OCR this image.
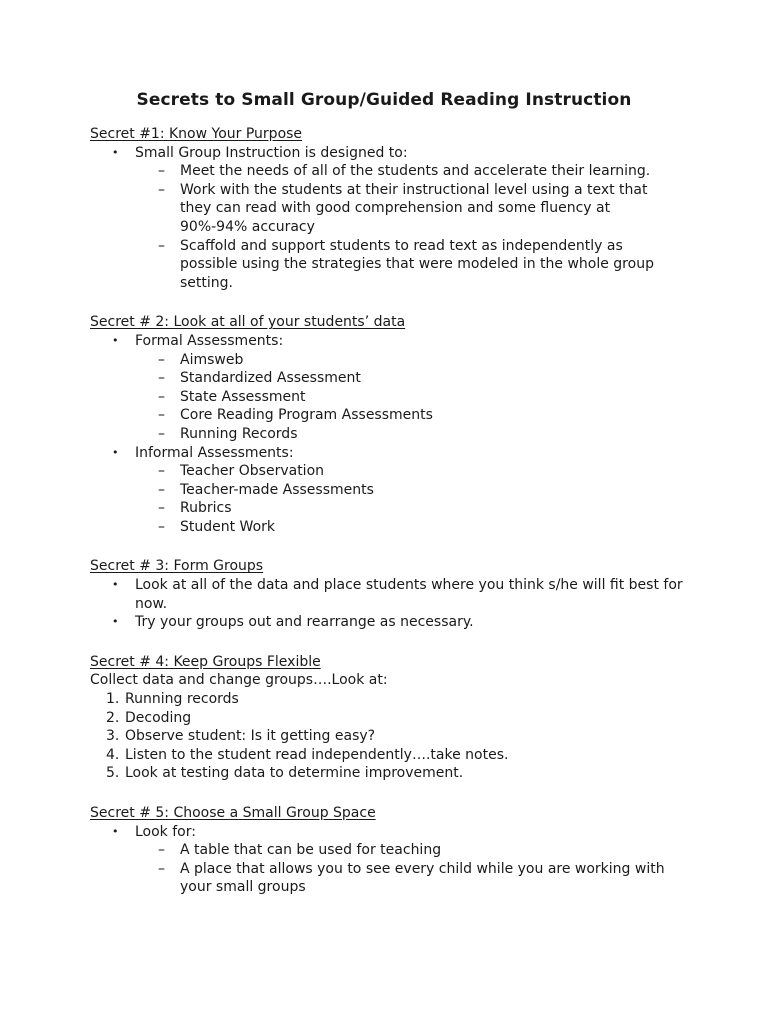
Secrets to Small Group/Guided Reading Instruction
Secret #1: Know Your Purpose
• Small Group Instruction is designed to:
– Meet the needs of all of the students and accelerate their learning.
– Work with the students at their instructional level using a text that they can read with good comprehension and some fluency at 90%-94% accuracy
– Scaffold and support students to read text as independently as possible using the strategies that were modeled in the whole group setting.
Secret # 2: Look at all of your students’ data
• Formal Assessments:
– Aimsweb
– Standardized Assessment
– State Assessment
– Core Reading Program Assessments
– Running Records
• Informal Assessments:
– Teacher Observation
– Teacher-made Assessments
– Rubrics
– Student Work
Secret # 3: Form Groups
• Look at all of the data and place students where you think s/he will fit best for now.
• Try your groups out and rearrange as necessary.
Secret # 4: Keep Groups Flexible
Collect data and change groups….Look at:
1. Running records
2. Decoding
3. Observe student: Is it getting easy?
4. Listen to the student read independently….take notes.
5. Look at testing data to determine improvement.
Secret # 5: Choose a Small Group Space
• Look for:
– A table that can be used for teaching
– A place that allows you to see every child while you are working with your small groups
